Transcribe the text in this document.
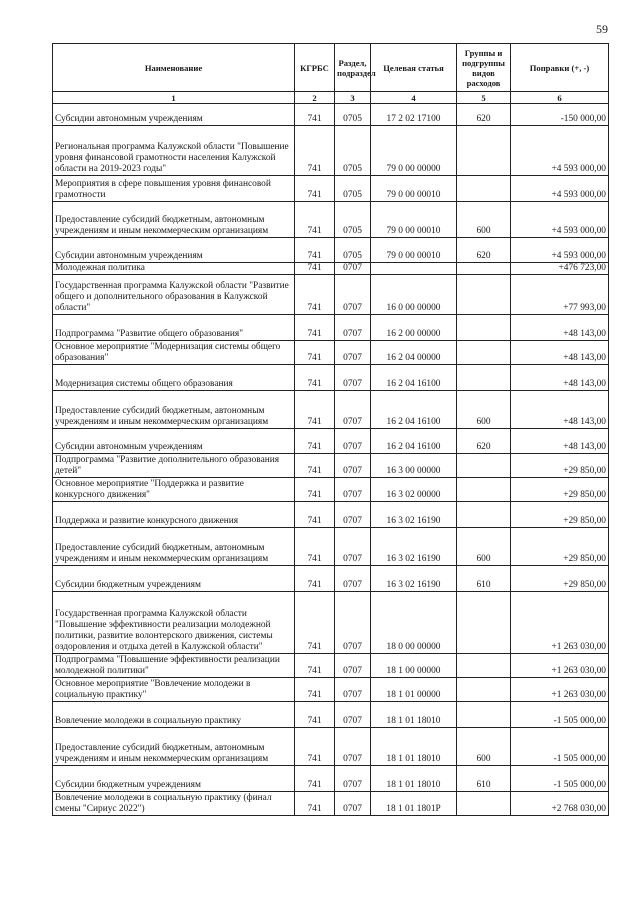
59
Наименование	КГРБС	Раздел, подраздел	Целевая статья	Группы и подгруппы видов расходов	Поправки (+, -)
1	2	3	4	5	6
Субсидии автономным учреждениям	741	0705	17 2 02 17100	620	-150 000,00
Региональная программа Калужской области "Повышение уровня финансовой грамотности населения Калужской области на 2019-2023 годы"	741	0705	79 0 00 00000		+4 593 000,00
Мероприятия в сфере повышения уровня финансовой грамотности	741	0705	79 0 00 00010		+4 593 000,00
Предоставление субсидий бюджетным, автономным учреждениям и иным некоммерческим организациям	741	0705	79 0 00 00010	600	+4 593 000,00
Субсидии автономным учреждениям	741	0705	79 0 00 00010	620	+4 593 000,00
Молодежная политика	741	0707			+476 723,00
Государственная программа Калужской области "Развитие общего и дополнительного образования в Калужской области"	741	0707	16 0 00 00000		+77 993,00
Подпрограмма "Развитие общего образования"	741	0707	16 2 00 00000		+48 143,00
Основное мероприятие "Модернизация системы общего образования"	741	0707	16 2 04 00000		+48 143,00
Модернизация системы общего образования	741	0707	16 2 04 16100		+48 143,00
Предоставление субсидий бюджетным, автономным учреждениям и иным некоммерческим организациям	741	0707	16 2 04 16100	600	+48 143,00
Субсидии автономным учреждениям	741	0707	16 2 04 16100	620	+48 143,00
Подпрограмма "Развитие дополнительного образования детей"	741	0707	16 3 00 00000		+29 850,00
Основное мероприятие "Поддержка и развитие конкурсного движения"	741	0707	16 3 02 00000		+29 850,00
Поддержка и развитие конкурсного движения	741	0707	16 3 02 16190		+29 850,00
Предоставление субсидий бюджетным, автономным учреждениям и иным некоммерческим организациям	741	0707	16 3 02 16190	600	+29 850,00
Субсидии бюджетным учреждениям	741	0707	16 3 02 16190	610	+29 850,00
Государственная программа Калужской области "Повышение эффективности реализации молодежной политики, развитие волонтерского движения, системы оздоровления и отдыха детей в Калужской области"	741	0707	18 0 00 00000		+1 263 030,00
Подпрограмма "Повышение эффективности реализации молодежной политики"	741	0707	18 1 00 00000		+1 263 030,00
Основное мероприятие "Вовлечение молодежи в социальную практику"	741	0707	18 1 01 00000		+1 263 030,00
Вовлечение молодежи в социальную практику	741	0707	18 1 01 18010		-1 505 000,00
Предоставление субсидий бюджетным, автономным учреждениям и иным некоммерческим организациям	741	0707	18 1 01 18010	600	-1 505 000,00
Субсидии бюджетным учреждениям	741	0707	18 1 01 18010	610	-1 505 000,00
Вовлечение молодежи в социальную практику (финал смены "Сириус 2022")	741	0707	18 1 01 1801Р		+2 768 030,00
